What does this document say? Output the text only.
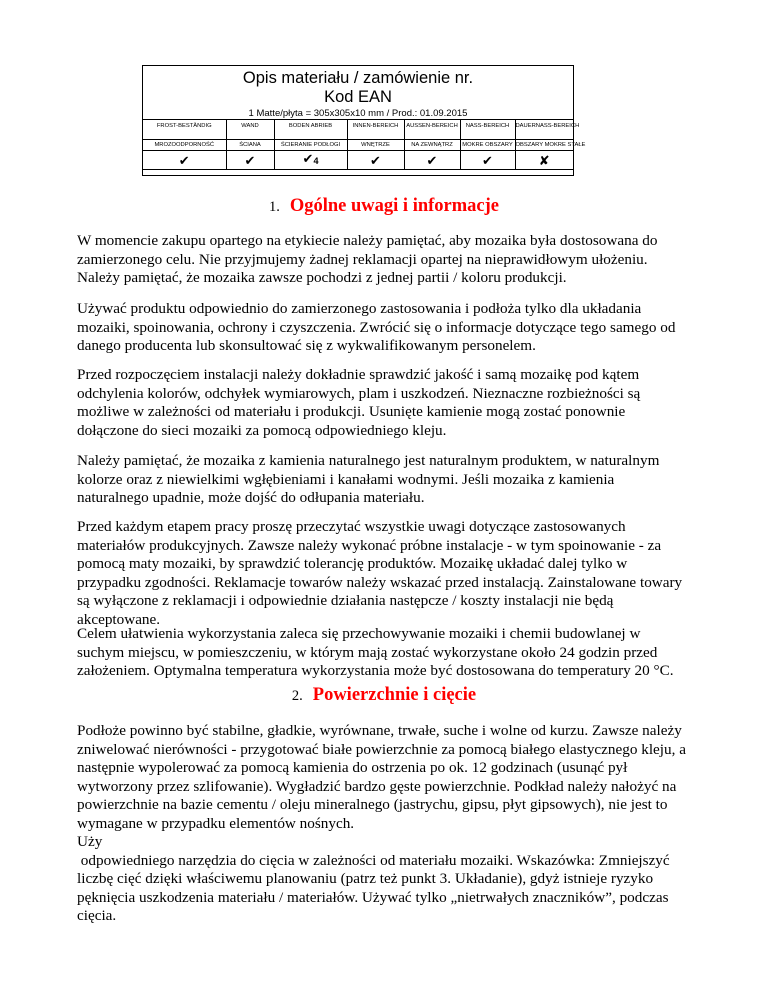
Opis materiału / zamówienie nr.
Kod EAN
1 Matte/płyta = 305x305x10 mm / Prod.: 01.09.2015
FROST-BESTÄNDIG	WAND	BODEN ABRIEB	INNEN-BEREICH	AUSSEN-BEREICH	NASS-BEREICH	DAUERNASS-BEREICH

MROZOODPORNOŚĆ	ŚCIANA	ŚCIERANIE PODŁOGI	WNĘTRZE	NA ZEWNĄTRZ	MOKRE OBSZARY	OBSZARY MOKRE STAŁE
✔	✔	✔4	✔	✔	✔	✘

1. Ogólne uwagi i informacje

W momencie zakupu opartego na etykiecie należy pamiętać, aby mozaika była dostosowana do

zamierzonego celu. Nie przyjmujemy żadnej reklamacji opartej na nieprawidłowym ułożeniu.

Należy pamiętać, że mozaika zawsze pochodzi z jednej partii / koloru produkcji.

Używać produktu odpowiednio do zamierzonego zastosowania i podłoża tylko dla układania

mozaiki, spoinowania, ochrony i czyszczenia. Zwrócić się o informacje dotyczące tego samego od

danego producenta lub skonsultować się z wykwalifikowanym personelem.

Przed rozpoczęciem instalacji należy dokładnie sprawdzić jakość i samą mozaikę pod kątem

odchylenia kolorów, odchyłek wymiarowych, plam i uszkodzeń. Nieznaczne rozbieżności są

możliwe w zależności od materiału i produkcji. Usunięte kamienie mogą zostać ponownie

dołączone do sieci mozaiki za pomocą odpowiedniego kleju.

Należy pamiętać, że mozaika z kamienia naturalnego jest naturalnym produktem, w naturalnym

kolorze oraz z niewielkimi wgłębieniami i kanałami wodnymi. Jeśli mozaika z kamienia

naturalnego upadnie, może dojść do odłupania materiału.

Przed każdym etapem pracy proszę przeczytać wszystkie uwagi dotyczące zastosowanych

materiałów produkcyjnych. Zawsze należy wykonać próbne instalacje - w tym spoinowanie - za

pomocą maty mozaiki, by sprawdzić tolerancję produktów. Mozaikę układać dalej tylko w

przypadku zgodności. Reklamacje towarów należy wskazać przed instalacją. Zainstalowane towary

są wyłączone z reklamacji i odpowiednie działania następcze / koszty instalacji nie będą

akceptowane.

Celem ułatwienia wykorzystania zaleca się przechowywanie mozaiki i chemii budowlanej w

suchym miejscu, w pomieszczeniu, w którym mają zostać wykorzystane około 24 godzin przed

założeniem. Optymalna temperatura wykorzystania może być dostosowana do temperatury 20 °C.

2. Powierzchnie i cięcie

Podłoże powinno być stabilne, gładkie, wyrównane, trwałe, suche i wolne od kurzu. Zawsze należy

zniwelować nierówności - przygotować białe powierzchnie za pomocą białego elastycznego kleju, a

następnie wypolerować za pomocą kamienia do ostrzenia po ok. 12 godzinach (usunąć pył

wytworzony przez szlifowanie). Wygładzić bardzo gęste powierzchnie. Podkład należy nałożyć na

powierzchnie na bazie cementu / oleju mineralnego (jastrychu, gipsu, płyt gipsowych), nie jest to

wymagane w przypadku elementów nośnych.

Uży

odpowiedniego narzędzia do cięcia w zależności od materiału mozaiki. Wskazówka: Zmniejszyć

liczbę cięć dzięki właściwemu planowaniu (patrz też punkt 3. Układanie), gdyż istnieje ryzyko

pęknięcia uszkodzenia materiału / materiałów. Używać tylko „nietrwałych znaczników”, podczas

cięcia.
